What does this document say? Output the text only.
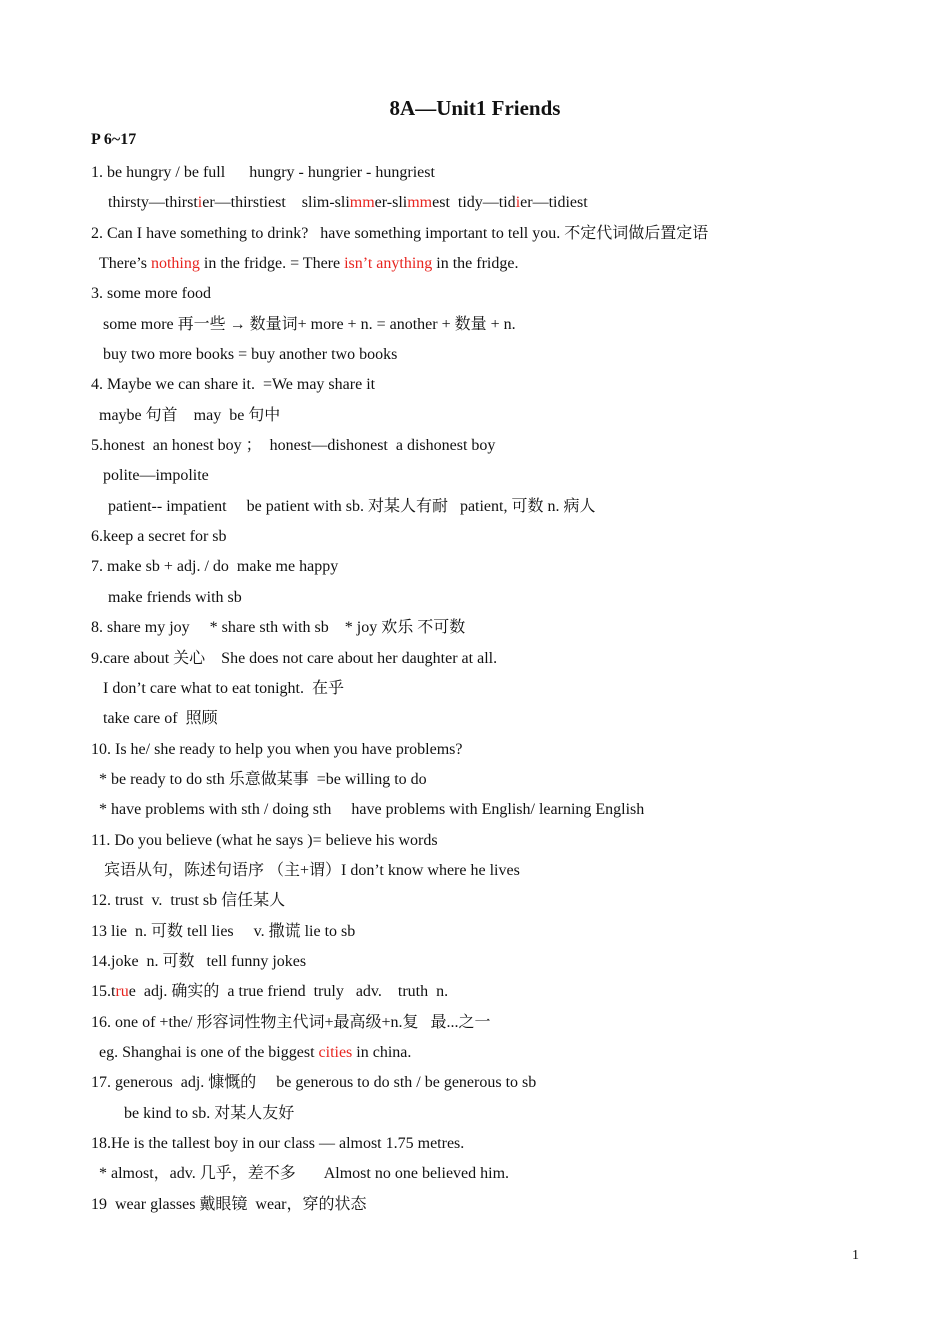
8A—Unit1 Friends
P 6~17
1. be hungry / be full      hungry - hungrier - hungriest
thirsty—thirstier—thirstiest    slim-slimmer-slimmest  tidy—tidier—tidiest
2. Can I have something to drink?   have something important to tell you. 不定代词做后置定语
There’s nothing in the fridge. = There isn’t anything in the fridge.
3. some more food
some more 再一些 → 数量词+ more + n. = another + 数量 + n.
buy two more books = buy another two books
4. Maybe we can share it.  =We may share it
maybe 句首    may  be 句中
5.honest  an honest boy ；  honest—dishonest  a dishonest boy
polite—impolite
patient-- impatient     be patient with sb. 对某人有耐   patient, 可数 n. 病人
6.keep a secret for sb
7. make sb + adj. / do  make me happy
make friends with sb
8. share my joy     * share sth with sb    * joy 欢乐 不可数
9.care about 关心    She does not care about her daughter at all.
I don’t care what to eat tonight.  在乎
take care of  照顾
10. Is he/ she ready to help you when you have problems?
* be ready to do sth 乐意做某事  =be willing to do
* have problems with sth / doing sth     have problems with English/ learning English
11. Do you believe (what he says )= believe his words
宾语从句，陈述句语序 （主+谓）I don’t know where he lives
12. trust  v.  trust sb 信任某人
13 lie  n. 可数 tell lies     v. 撒谎 lie to sb
14.joke  n. 可数   tell funny jokes
15.true  adj. 确实的  a true friend  truly   adv.    truth  n.
16. one of +the/ 形容词性物主代词+最高级+n.复   最...之一
eg. Shanghai is one of the biggest cities in china.
17. generous  adj. 慷慨的     be generous to do sth / be generous to sb
be kind to sb. 对某人友好
18.He is the tallest boy in our class — almost 1.75 metres.
* almost，adv. 几乎，差不多       Almost no one believed him.
19  wear glasses 戴眼镜  wear，穿的状态
1
